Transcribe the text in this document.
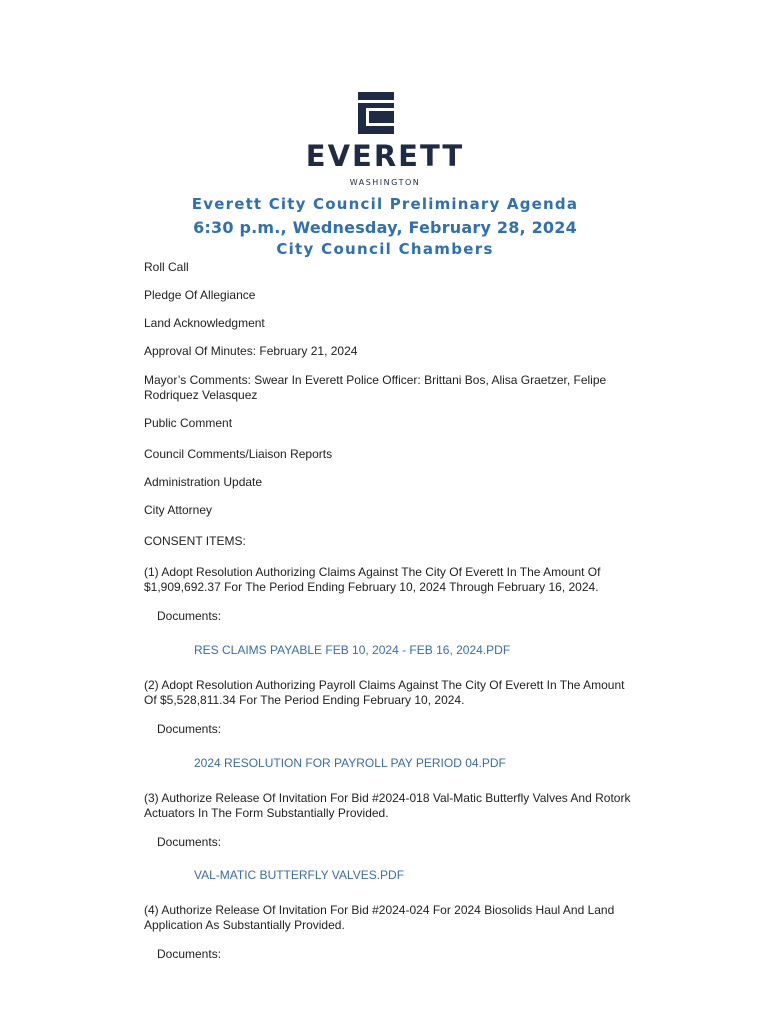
EVERETT
WASHINGTON
Everett City Council Preliminary Agenda
6:30 p.m., Wednesday, February 28, 2024
City Council Chambers
Roll Call
Pledge Of Allegiance
Land Acknowledgment
Approval Of Minutes: February 21, 2024
Mayor’s Comments: Swear In Everett Police Officer: Brittani Bos, Alisa Graetzer, Felipe
Rodriquez Velasquez
Public Comment
Council Comments/Liaison Reports
Administration Update
City Attorney
CONSENT ITEMS:
(1) Adopt Resolution Authorizing Claims Against The City Of Everett In The Amount Of
$1,909,692.37 For The Period Ending February 10, 2024 Through February 16, 2024.
Documents:
RES CLAIMS PAYABLE FEB 10, 2024 - FEB 16, 2024.PDF
(2) Adopt Resolution Authorizing Payroll Claims Against The City Of Everett In The Amount
Of $5,528,811.34 For The Period Ending February 10, 2024.
Documents:
2024 RESOLUTION FOR PAYROLL PAY PERIOD 04.PDF
(3) Authorize Release Of Invitation For Bid #2024-018 Val-Matic Butterfly Valves And Rotork
Actuators In The Form Substantially Provided.
Documents:
VAL-MATIC BUTTERFLY VALVES.PDF
(4) Authorize Release Of Invitation For Bid #2024-024 For 2024 Biosolids Haul And Land
Application As Substantially Provided.
Documents:
